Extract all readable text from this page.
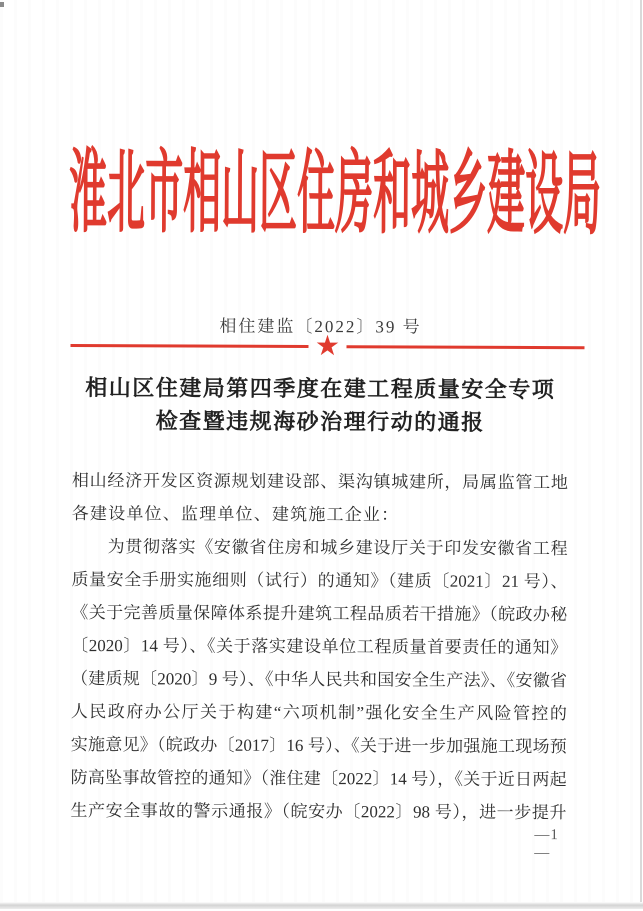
淮北市相山区住房和城乡建设局
相住建监〔2022〕39 号
★
相山区住建局第四季度在建工程质量安全专项
检查暨违规海砂治理行动的通报
相山经济开发区资源规划建设部、渠沟镇城建所，局属监管工地
各建设单位、监理单位、建筑施工企业：
为贯彻落实《安徽省住房和城乡建设厅关于印发安徽省工程
质量安全手册实施细则（试行）的通知》（建质〔2021〕21 号）、
《关于完善质量保障体系提升建筑工程品质若干措施》（皖政办秘
〔2020〕14 号）、《关于落实建设单位工程质量首要责任的通知》
（建质规〔2020〕9 号）、《中华人民共和国安全生产法》、《安徽省
人民政府办公厅关于构建“六项机制”强化安全生产风险管控的
实施意见》（皖政办〔2017〕16 号）、《关于进一步加强施工现场预
防高坠事故管控的通知》（淮住建〔2022〕14 号），《关于近日两起
生产安全事故的警示通报》（皖安办〔2022〕98 号），进一步提升
—1—
